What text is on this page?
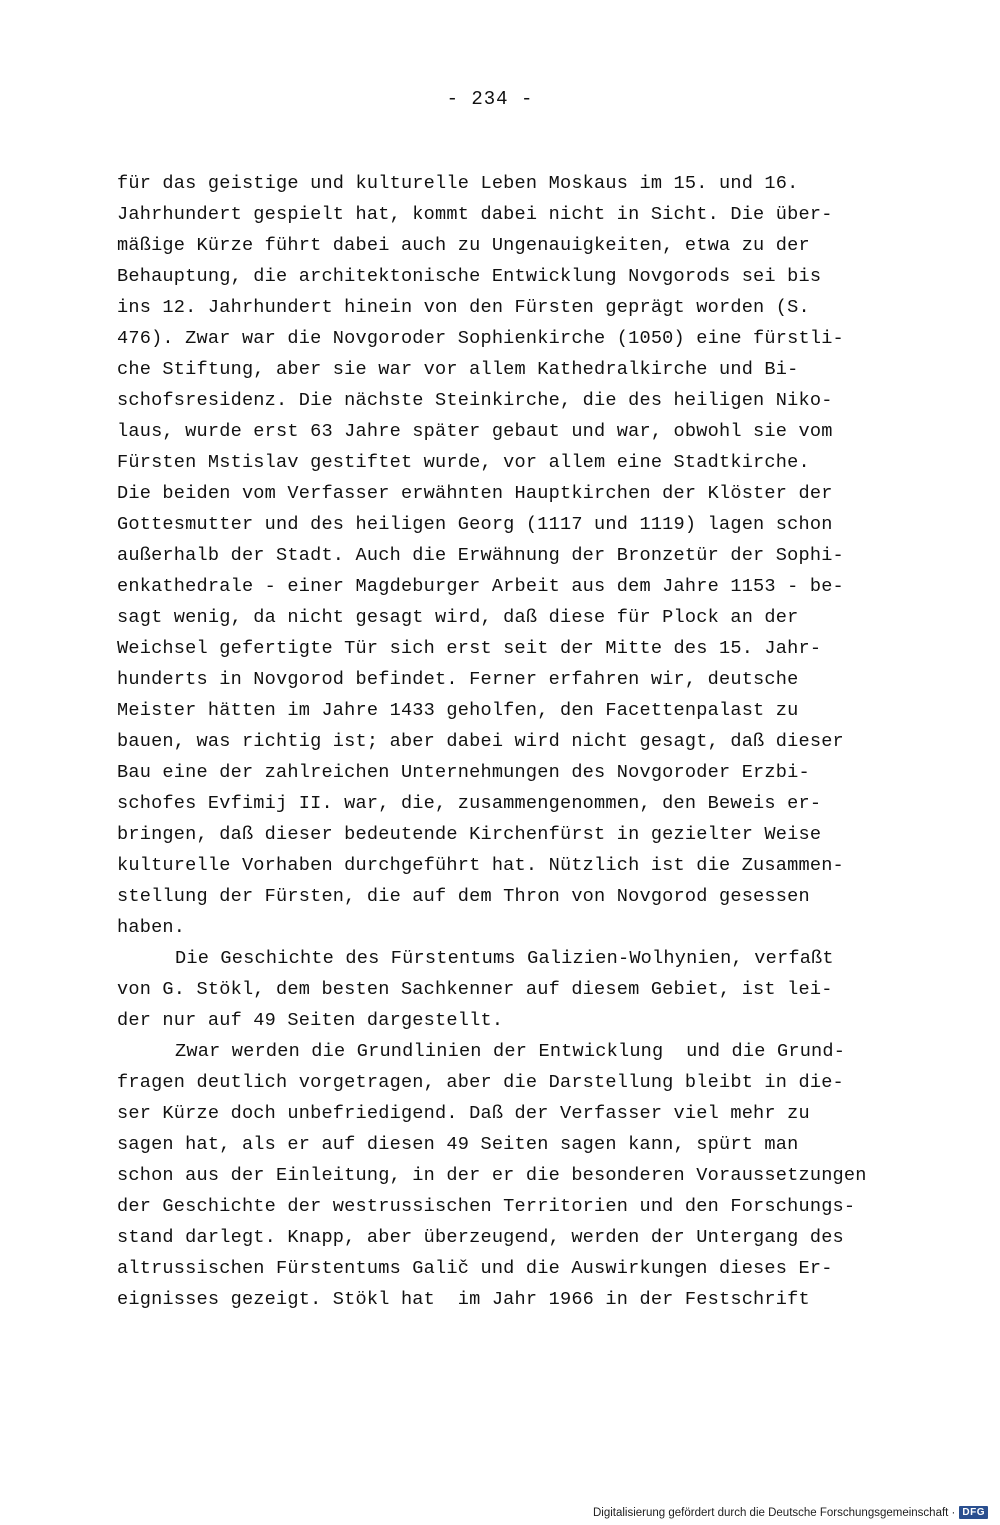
- 234 -
für das geistige und kulturelle Leben Moskaus im 15. und 16.
Jahrhundert gespielt hat, kommt dabei nicht in Sicht. Die über-
mäßige Kürze führt dabei auch zu Ungenauigkeiten, etwa zu der
Behauptung, die architektonische Entwicklung Novgorods sei bis
ins 12. Jahrhundert hinein von den Fürsten geprägt worden (S.
476). Zwar war die Novgoroder Sophienkirche (1050) eine fürstli-
che Stiftung, aber sie war vor allem Kathedralkirche und Bi-
schofsresidenz. Die nächste Steinkirche, die des heiligen Niko-
laus, wurde erst 63 Jahre später gebaut und war, obwohl sie vom
Fürsten Mstislav gestiftet wurde, vor allem eine Stadtkirche.
Die beiden vom Verfasser erwähnten Hauptkirchen der Klöster der
Gottesmutter und des heiligen Georg (1117 und 1119) lagen schon
außerhalb der Stadt. Auch die Erwähnung der Bronzetür der Sophi-
enkathedrale - einer Magdeburger Arbeit aus dem Jahre 1153 - be-
sagt wenig, da nicht gesagt wird, daß diese für Plock an der
Weichsel gefertigte Tür sich erst seit der Mitte des 15. Jahr-
hunderts in Novgorod befindet. Ferner erfahren wir, deutsche
Meister hätten im Jahre 1433 geholfen, den Facettenpalast zu
bauen, was richtig ist; aber dabei wird nicht gesagt, daß dieser
Bau eine der zahlreichen Unternehmungen des Novgoroder Erzbi-
schofes Evfimij II. war, die, zusammengenommen, den Beweis er-
bringen, daß dieser bedeutende Kirchenfürst in gezielter Weise
kulturelle Vorhaben durchgeführt hat. Nützlich ist die Zusammen-
stellung der Fürsten, die auf dem Thron von Novgorod gesessen
haben.
Die Geschichte des Fürstentums Galizien-Wolhynien, verfaßt
von G. Stökl, dem besten Sachkenner auf diesem Gebiet, ist lei-
der nur auf 49 Seiten dargestellt.
Zwar werden die Grundlinien der Entwicklung  und die Grund-
fragen deutlich vorgetragen, aber die Darstellung bleibt in die-
ser Kürze doch unbefriedigend. Daß der Verfasser viel mehr zu
sagen hat, als er auf diesen 49 Seiten sagen kann, spürt man
schon aus der Einleitung, in der er die besonderen Voraussetzungen
der Geschichte der westrussischen Territorien und den Forschungs-
stand darlegt. Knapp, aber überzeugend, werden der Untergang des
altrussischen Fürstentums Galič und die Auswirkungen dieses Er-
eignisses gezeigt. Stökl hat  im Jahr 1966 in der Festschrift
Digitalisierung gefördert durch die Deutsche Forschungsgemeinschaft · DFG
